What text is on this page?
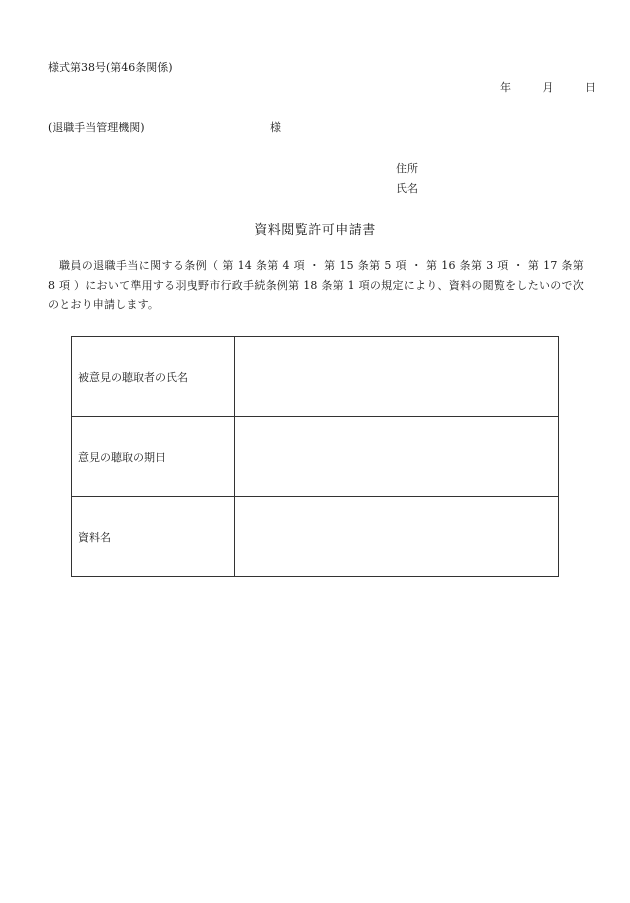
様式第38号(第46条関係)
年	月	日
(退職手当管理機関)	様
住所
氏名
資料閲覧許可申請書
職員の退職手当に関する条例（ 第 14 条第 4 項 ・ 第 15 条第 5 項 ・ 第 16 条第 3 項 ・ 第 17 条第 8 項 ）において準用する羽曳野市行政手続条例第 18 条第 1 項の規定により、資料の閲覧をしたいので次のとおり申請します。
被意見の聴取者の氏名	
意見の聴取の期日	
資料名	
